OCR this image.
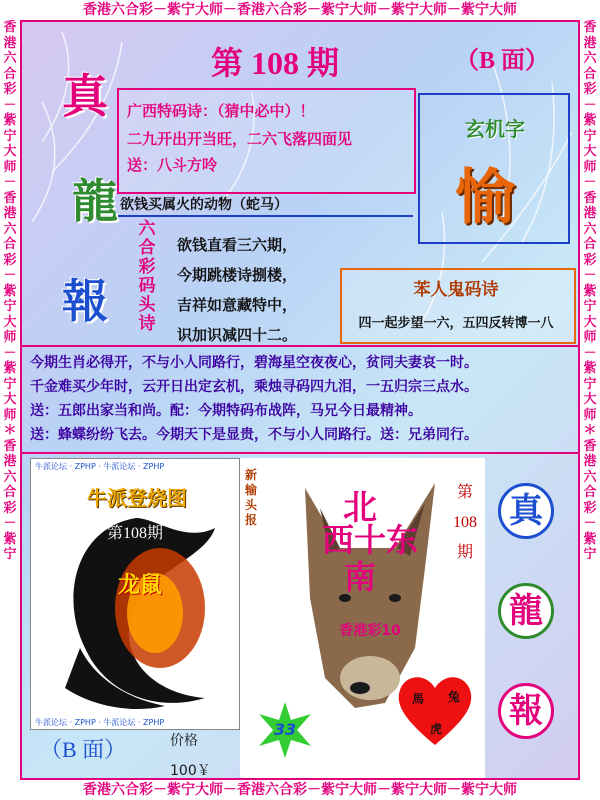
香港六合彩－紫宁大师－香港六合彩－紫宁大师－紫宁大师－紫宁大师
香港六合彩－紫宁大师－香港六合彩－紫宁大师－紫宁大师－紫宁大师
香港六合彩－紫宁大师－香港六合彩－紫宁大师－紫宁大师＊香港六合彩－紫宁
香港六合彩－紫宁大师－香港六合彩－紫宁大师－紫宁大师＊香港六合彩－紫宁
第 108 期	（B 面）
真
龍
報
广西特码诗：（猜中必中）！
二九开出开当旺，二六飞落四面见
送：八斗方呤
玄机字
愉
欲钱买属火的动物（蛇马）
六合彩码头诗
欲钱直看三六期，
今期跳楼诗捌楼，
吉祥如意藏特中，
识加识减四十二。
苯人鬼码诗
四一起步望一六，五四反转博一八
今期生肖必得开，不与小人同路行，碧海星空夜夜心，贫同夫妻哀一时。
千金难买少年时，云开日出定玄机，乘烛寻码四九泪，一五归宗三点水。
送：五郎出家当和尚。配：今期特码布战阵，马兄今日最精神。
送：蜂蝶纷纷飞去。今期天下是显贵，不与小人同路行。送：兄弟同行。
牛派论坛 · ZPHP · 牛派论坛 · ZPHP
牛派论坛 · ZPHP · 牛派论坛 · ZPHP
牛派登烧图
第108期
龙鼠
（B 面）	价格
100￥
新输头报	北
西十东
南
香港彩10
第
108
期
33
馬 兔
虎
真
龍
報
